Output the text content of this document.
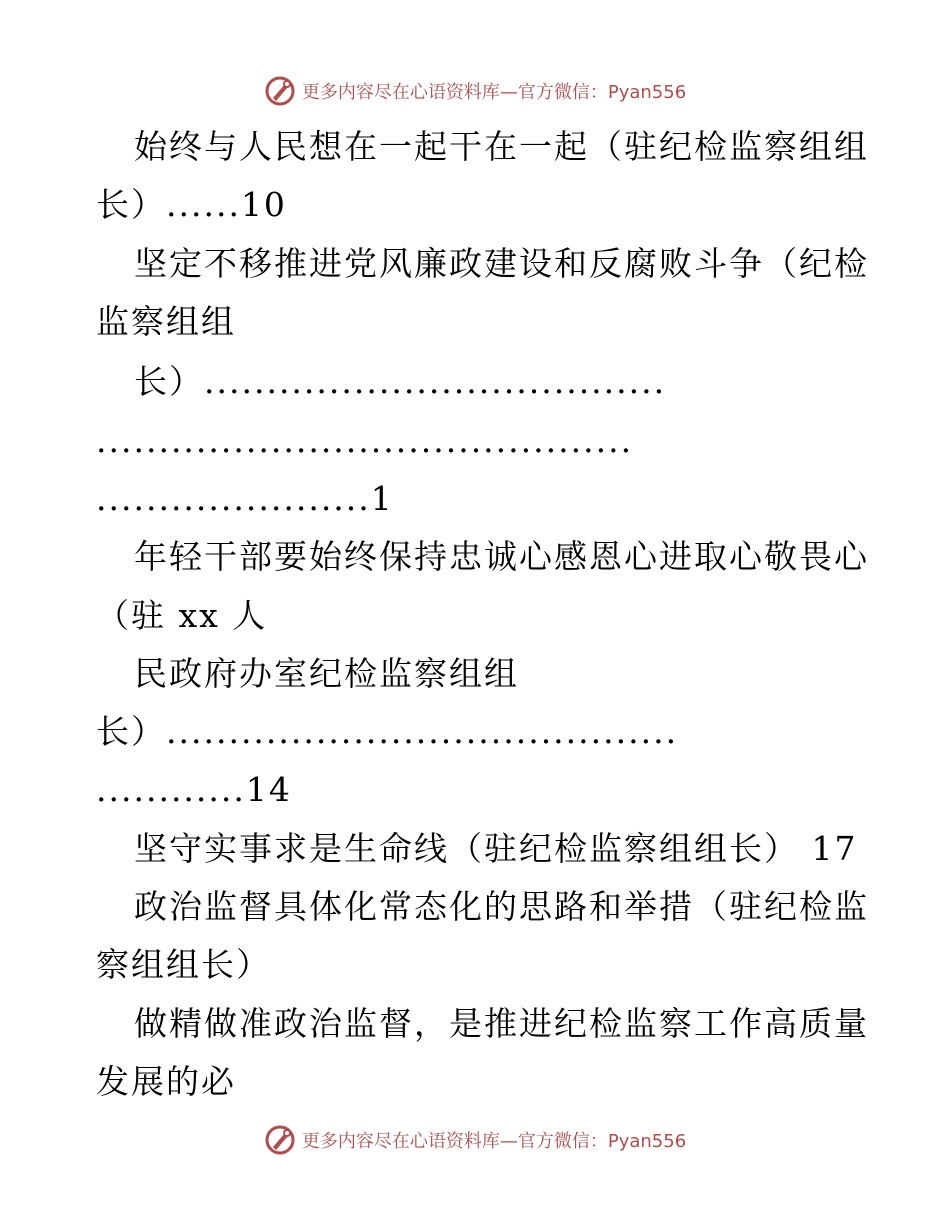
更多内容尽在心语资料库—官方微信：Pyan556
始终与人民想在一起干在一起（驻纪检监察组组
长）......10
坚定不移推进党风廉政建设和反腐败斗争（纪检
监察组组
长）.....................................
...........................................
......................1
年轻干部要始终保持忠诚心感恩心进取心敬畏心
（驻 xx 人
民政府办室纪检监察组组
长）.........................................
............14
坚守实事求是生命线（驻纪检监察组组长） 17
政治监督具体化常态化的思路和举措（驻纪检监
察组组长）
做精做准政治监督，是推进纪检监察工作高质量
发展的必
更多内容尽在心语资料库—官方微信：Pyan556
